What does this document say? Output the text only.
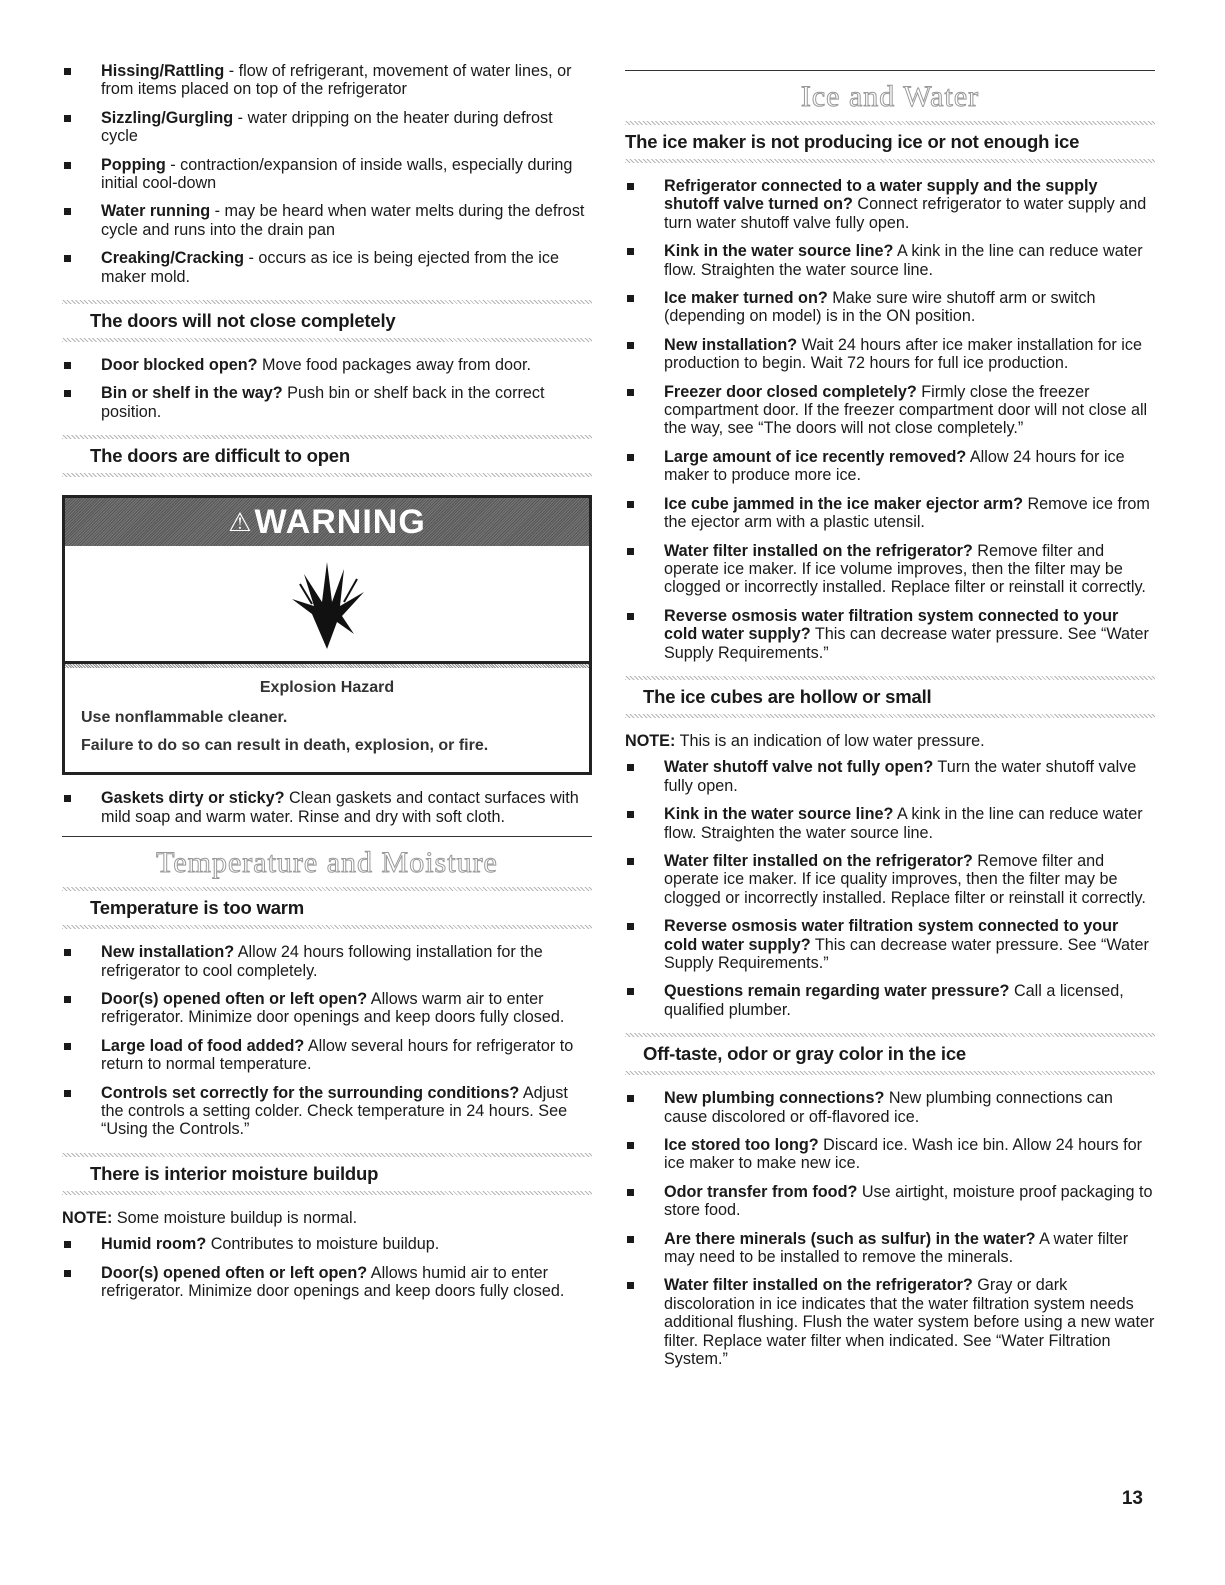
Hissing/Rattling - flow of refrigerant, movement of water lines, or from items placed on top of the refrigerator
Sizzling/Gurgling - water dripping on the heater during defrost cycle
Popping - contraction/expansion of inside walls, especially during initial cool-down
Water running - may be heard when water melts during the defrost cycle and runs into the drain pan
Creaking/Cracking - occurs as ice is being ejected from the ice maker mold.
The doors will not close completely
Door blocked open? Move food packages away from door.
Bin or shelf in the way? Push bin or shelf back in the correct position.
The doors are difficult to open
⚠ WARNING
Explosion Hazard

Use nonflammable cleaner.

Failure to do so can result in death, explosion, or fire.

Gaskets dirty or sticky? Clean gaskets and contact surfaces with mild soap and warm water. Rinse and dry with soft cloth.
Temperature and Moisture
Temperature is too warm
New installation? Allow 24 hours following installation for the refrigerator to cool completely.
Door(s) opened often or left open? Allows warm air to enter refrigerator. Minimize door openings and keep doors fully closed.
Large load of food added? Allow several hours for refrigerator to return to normal temperature.
Controls set correctly for the surrounding conditions? Adjust the controls a setting colder. Check temperature in 24 hours. See “Using the Controls.”
There is interior moisture buildup

NOTE: Some moisture buildup is normal.

Humid room? Contributes to moisture buildup.
Door(s) opened often or left open? Allows humid air to enter refrigerator. Minimize door openings and keep doors fully closed.
Ice and Water
The ice maker is not producing ice or not enough ice
Refrigerator connected to a water supply and the supply shutoff valve turned on? Connect refrigerator to water supply and turn water shutoff valve fully open.
Kink in the water source line? A kink in the line can reduce water flow. Straighten the water source line.
Ice maker turned on? Make sure wire shutoff arm or switch (depending on model) is in the ON position.
New installation? Wait 24 hours after ice maker installation for ice production to begin. Wait 72 hours for full ice production.
Freezer door closed completely? Firmly close the freezer compartment door. If the freezer compartment door will not close all the way, see “The doors will not close completely.”
Large amount of ice recently removed? Allow 24 hours for ice maker to produce more ice.
Ice cube jammed in the ice maker ejector arm? Remove ice from the ejector arm with a plastic utensil.
Water filter installed on the refrigerator? Remove filter and operate ice maker. If ice volume improves, then the filter may be clogged or incorrectly installed. Replace filter or reinstall it correctly.
Reverse osmosis water filtration system connected to your cold water supply? This can decrease water pressure. See “Water Supply Requirements.”
The ice cubes are hollow or small

NOTE: This is an indication of low water pressure.

Water shutoff valve not fully open? Turn the water shutoff valve fully open.
Kink in the water source line? A kink in the line can reduce water flow. Straighten the water source line.
Water filter installed on the refrigerator? Remove filter and operate ice maker. If ice quality improves, then the filter may be clogged or incorrectly installed. Replace filter or reinstall it correctly.
Reverse osmosis water filtration system connected to your cold water supply? This can decrease water pressure. See “Water Supply Requirements.”
Questions remain regarding water pressure? Call a licensed, qualified plumber.
Off-taste, odor or gray color in the ice
New plumbing connections? New plumbing connections can cause discolored or off-flavored ice.
Ice stored too long? Discard ice. Wash ice bin. Allow 24 hours for ice maker to make new ice.
Odor transfer from food? Use airtight, moisture proof packaging to store food.
Are there minerals (such as sulfur) in the water? A water filter may need to be installed to remove the minerals.
Water filter installed on the refrigerator? Gray or dark discoloration in ice indicates that the water filtration system needs additional flushing. Flush the water system before using a new water filter. Replace water filter when indicated. See “Water Filtration System.”
13
